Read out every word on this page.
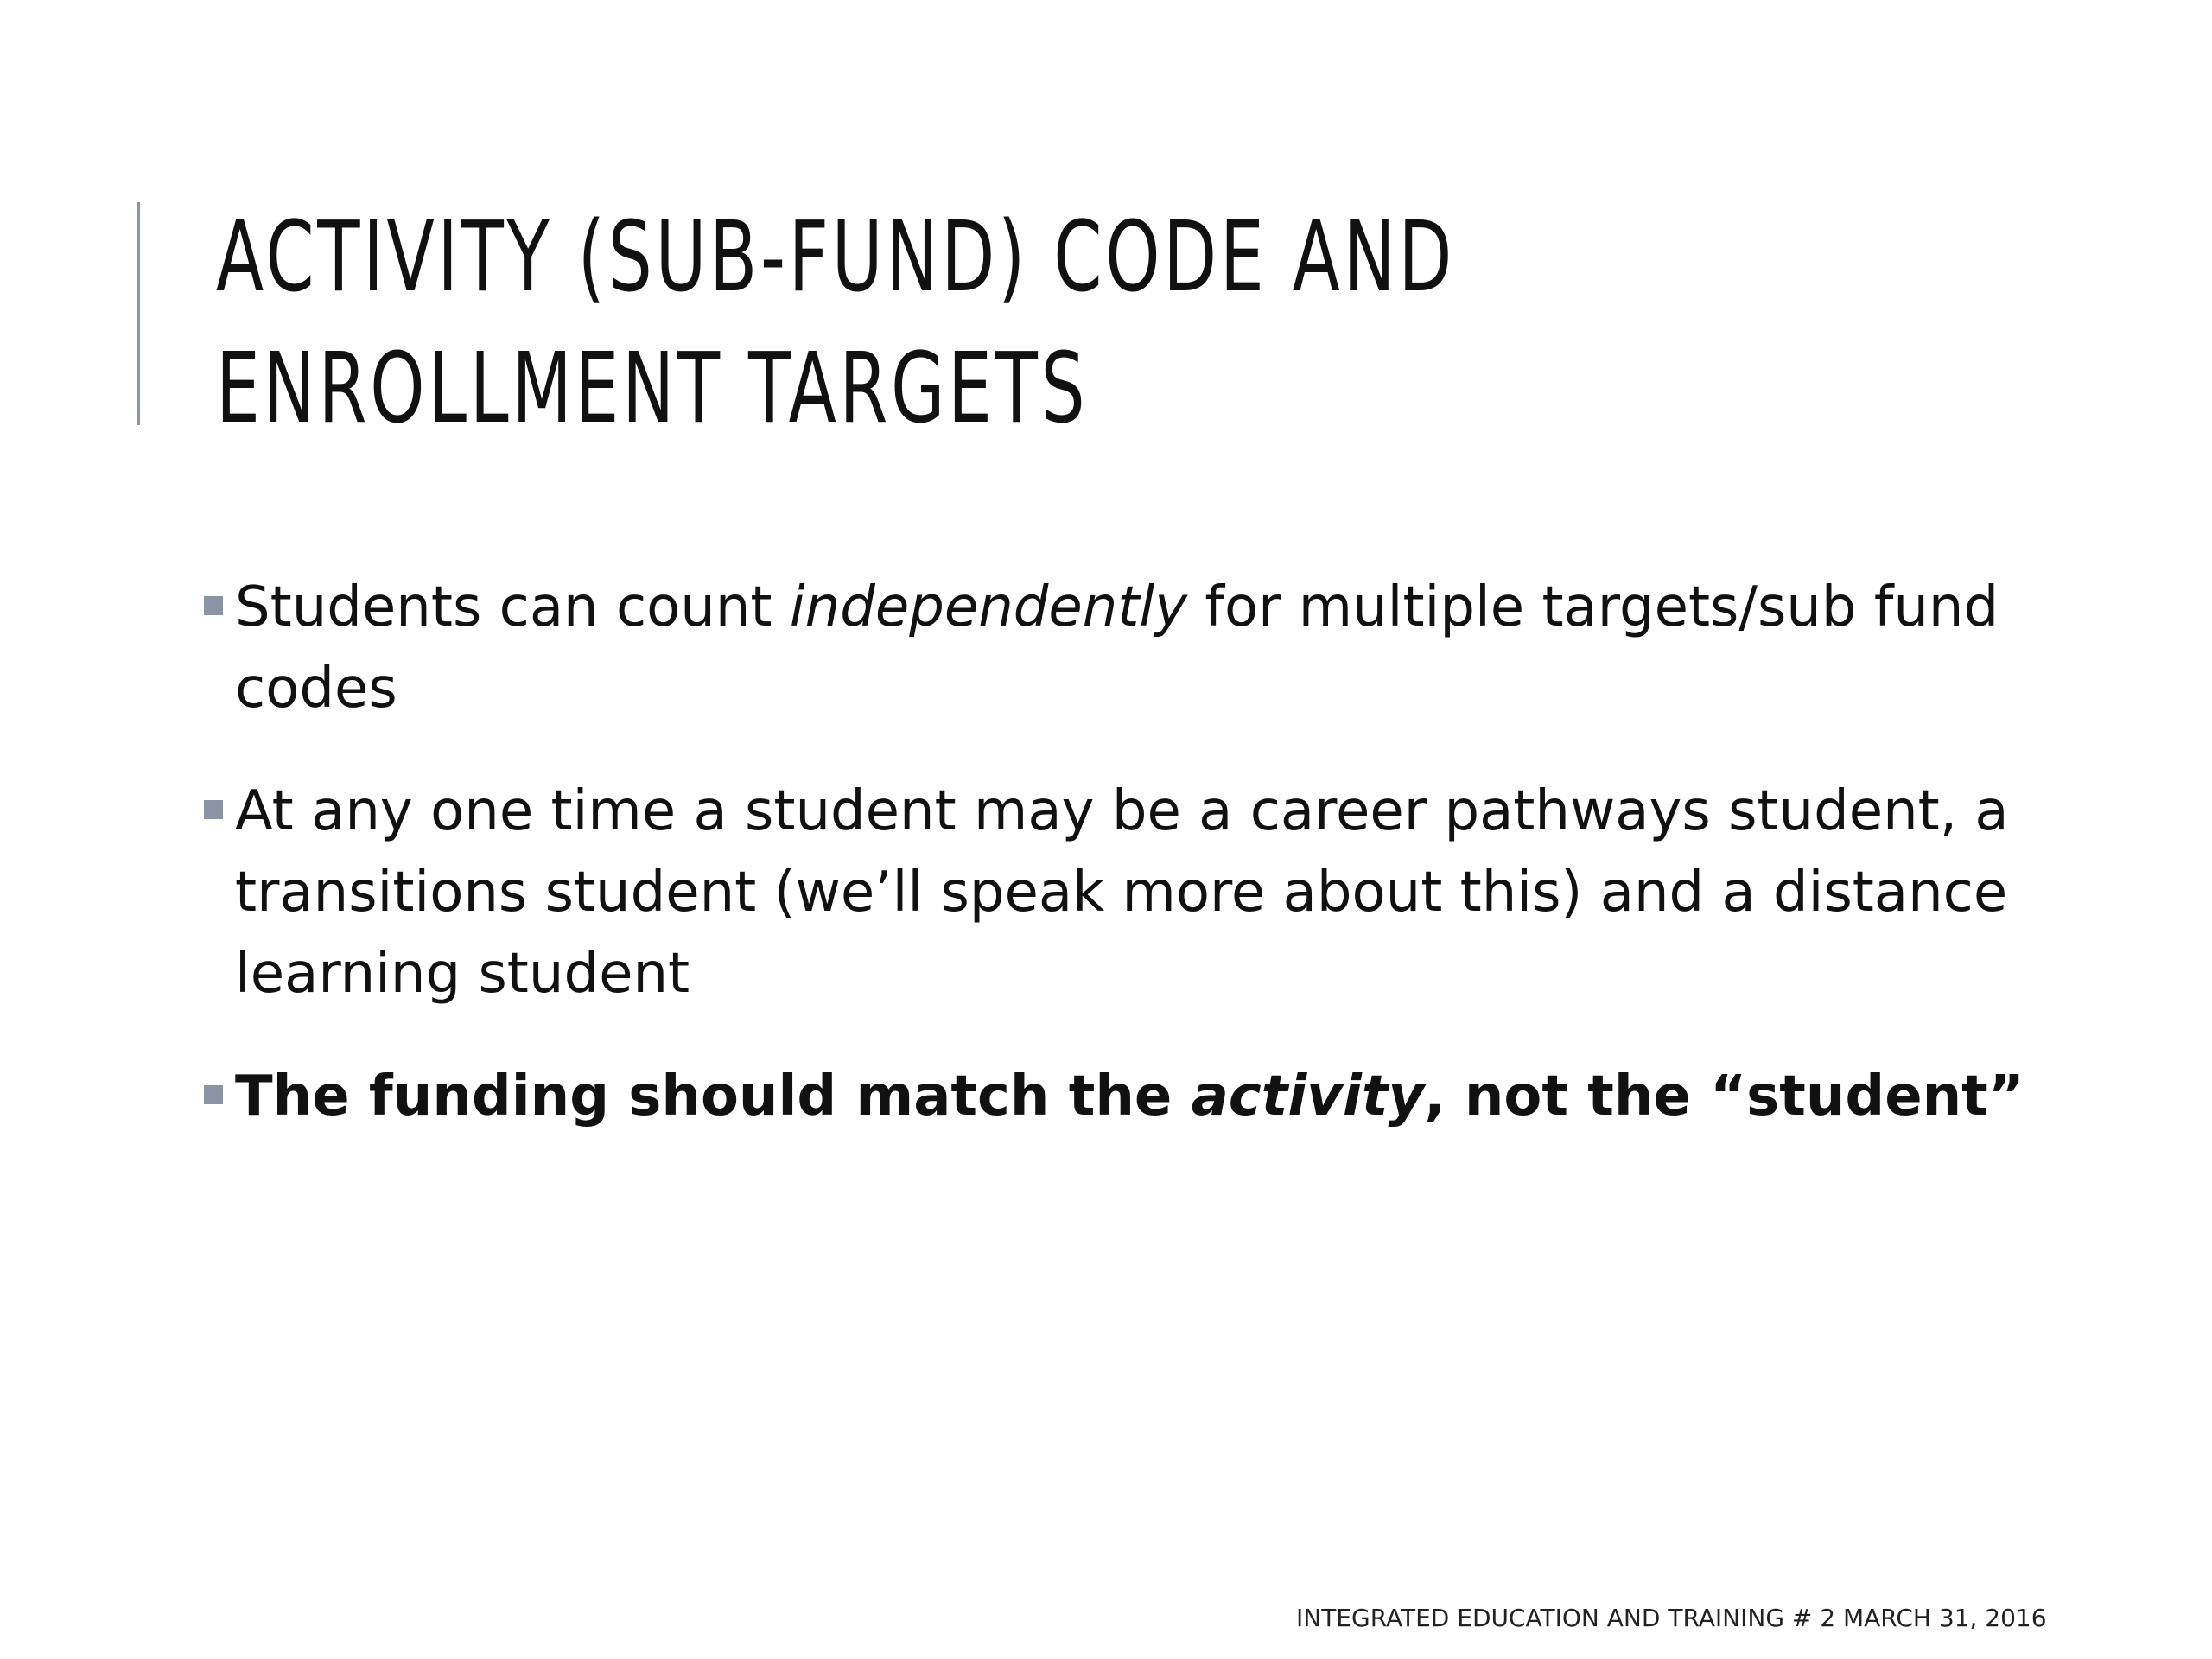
ACTIVITY (SUB-FUND) CODE AND
ENROLLMENT TARGETS
Students can count independently for multiple targets/sub fund codes
At any one time a student may be a career pathways student, a transitions student (we’ll speak more about this) and a distance learning student
The funding should match the activity, not the “student”
INTEGRATED EDUCATION AND TRAINING # 2 MARCH 31, 2016
